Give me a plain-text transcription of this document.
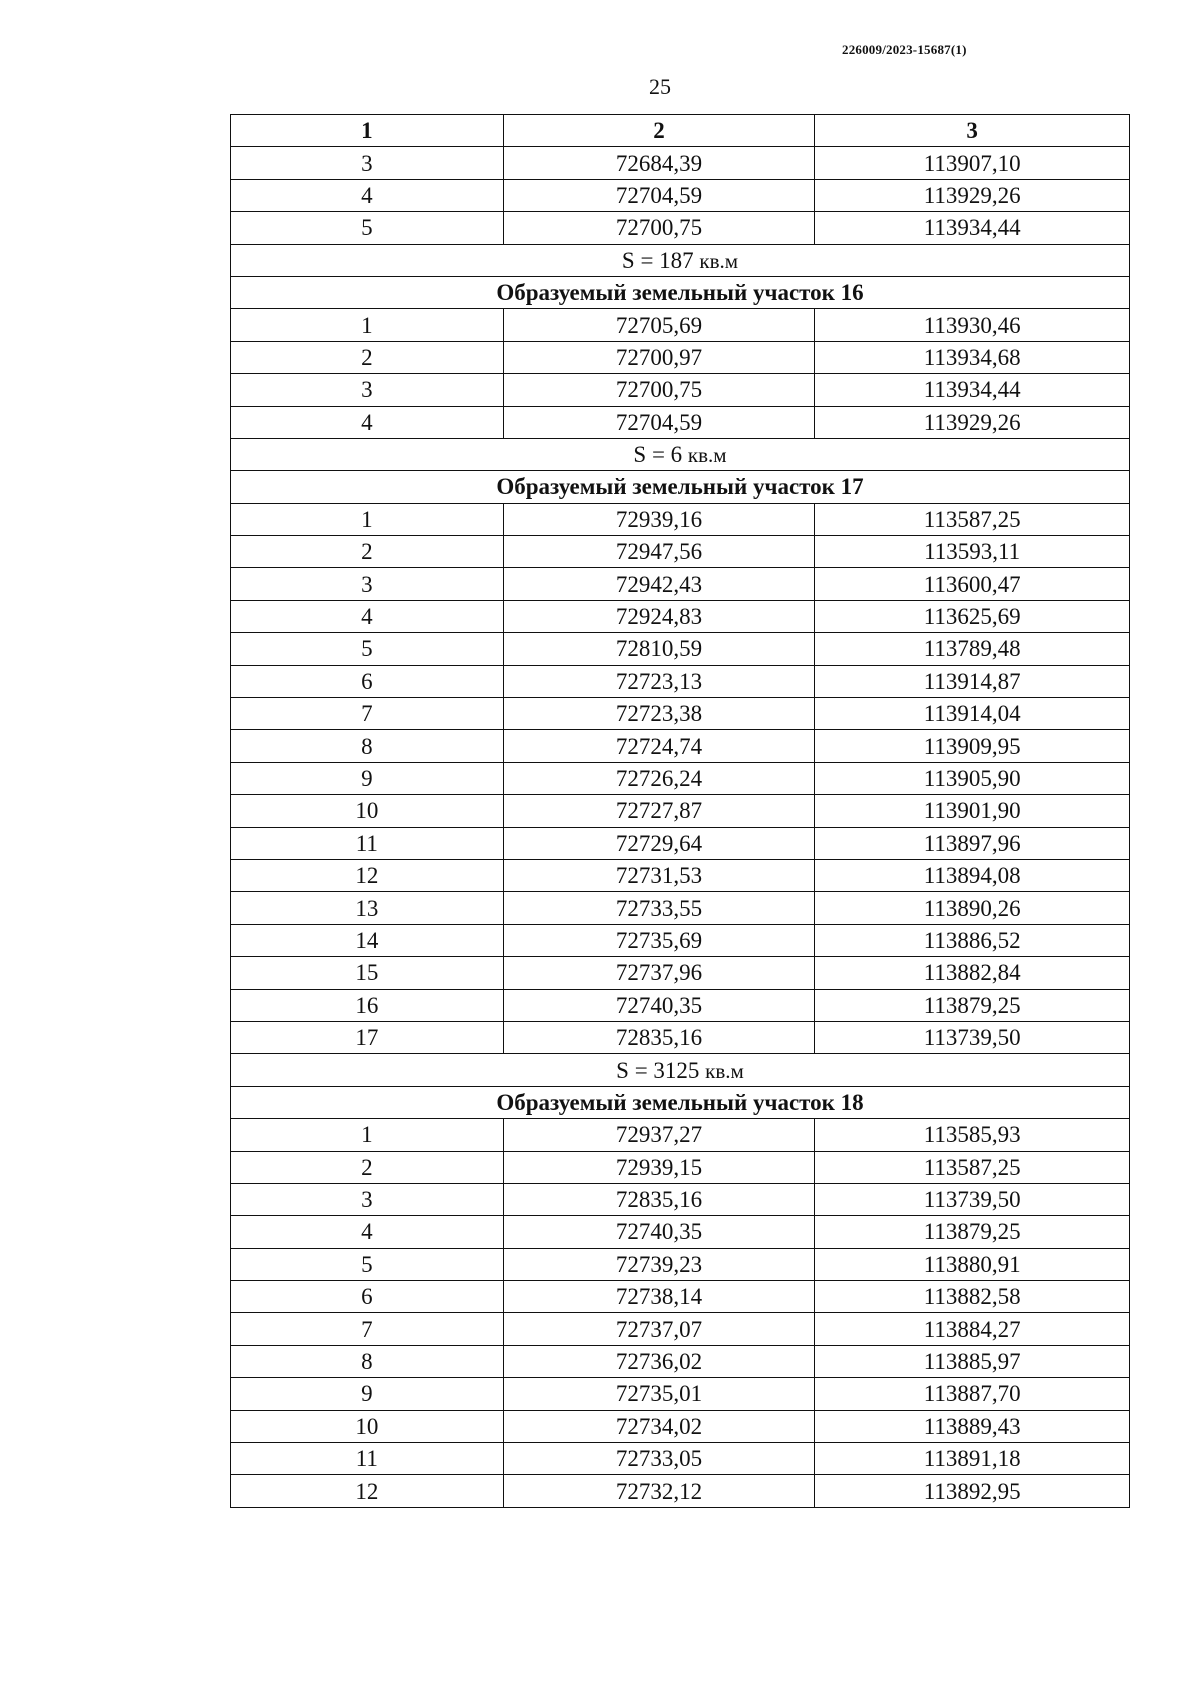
226009/2023-15687(1)
25
1	2	3
3	72684,39	113907,10
4	72704,59	113929,26
5	72700,75	113934,44
S = 187 кв.м		
Образуемый земельный участок 16		
1	72705,69	113930,46
2	72700,97	113934,68
3	72700,75	113934,44
4	72704,59	113929,26
S = 6 кв.м		
Образуемый земельный участок 17		
1	72939,16	113587,25
2	72947,56	113593,11
3	72942,43	113600,47
4	72924,83	113625,69
5	72810,59	113789,48
6	72723,13	113914,87
7	72723,38	113914,04
8	72724,74	113909,95
9	72726,24	113905,90
10	72727,87	113901,90
11	72729,64	113897,96
12	72731,53	113894,08
13	72733,55	113890,26
14	72735,69	113886,52
15	72737,96	113882,84
16	72740,35	113879,25
17	72835,16	113739,50
S = 3125 кв.м		
Образуемый земельный участок 18		
1	72937,27	113585,93
2	72939,15	113587,25
3	72835,16	113739,50
4	72740,35	113879,25
5	72739,23	113880,91
6	72738,14	113882,58
7	72737,07	113884,27
8	72736,02	113885,97
9	72735,01	113887,70
10	72734,02	113889,43
11	72733,05	113891,18
12	72732,12	113892,95
